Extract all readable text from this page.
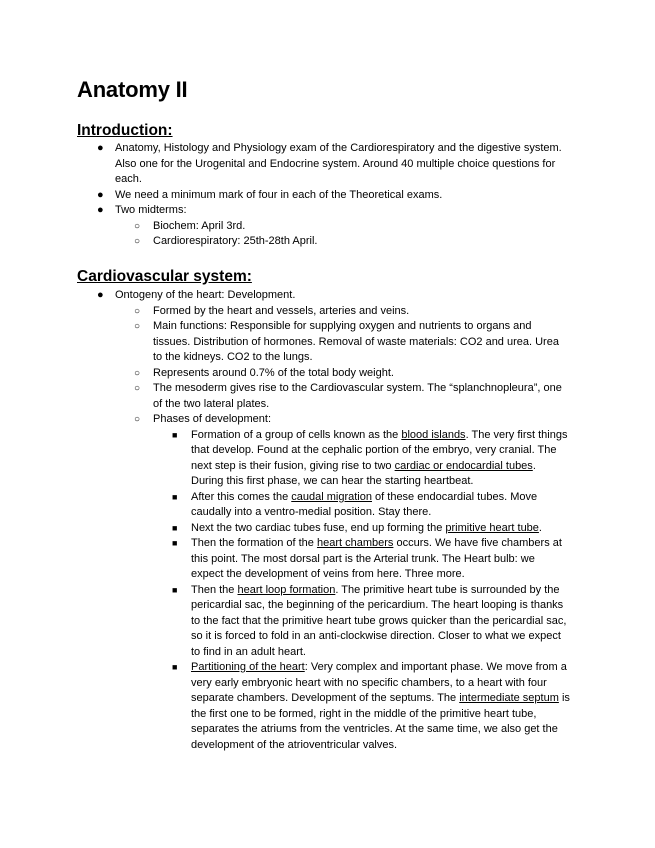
Anatomy II
Introduction:
● Anatomy, Histology and Physiology exam of the Cardiorespiratory and the digestive system. Also one for the Urogenital and Endocrine system. Around 40 multiple choice questions for each.
● We need a minimum mark of four in each of the Theoretical exams.
● Two midterms:
○ Biochem: April 3rd.
○ Cardiorespiratory: 25th-28th April.
Cardiovascular system:
● Ontogeny of the heart: Development.
○ Formed by the heart and vessels, arteries and veins.
○ Main functions: Responsible for supplying oxygen and nutrients to organs and tissues. Distribution of hormones. Removal of waste materials: CO2 and urea. Urea to the kidneys. CO2 to the lungs.
○ Represents around 0.7% of the total body weight.
○ The mesoderm gives rise to the Cardiovascular system. The “splanchnopleura”, one of the two lateral plates.
○ Phases of development:
■ Formation of a group of cells known as the blood islands. The very first things that develop. Found at the cephalic portion of the embryo, very cranial. The next step is their fusion, giving rise to two cardiac or endocardial tubes. During this first phase, we can hear the starting heartbeat.
■ After this comes the caudal migration of these endocardial tubes. Move caudally into a ventro-medial position. Stay there.
■ Next the two cardiac tubes fuse, end up forming the primitive heart tube.
■ Then the formation of the heart chambers occurs. We have five chambers at this point. The most dorsal part is the Arterial trunk. The Heart bulb: we expect the development of veins from here. Three more.
■ Then the heart loop formation. The primitive heart tube is surrounded by the pericardial sac, the beginning of the pericardium. The heart looping is thanks to the fact that the primitive heart tube grows quicker than the pericardial sac, so it is forced to fold in an anti-clockwise direction. Closer to what we expect to find in an adult heart.
■ Partitioning of the heart: Very complex and important phase. We move from a very early embryonic heart with no specific chambers, to a heart with four separate chambers. Development of the septums. The intermediate septum is the first one to be formed, right in the middle of the primitive heart tube, separates the atriums from the ventricles. At the same time, we also get the development of the atrioventricular valves.
